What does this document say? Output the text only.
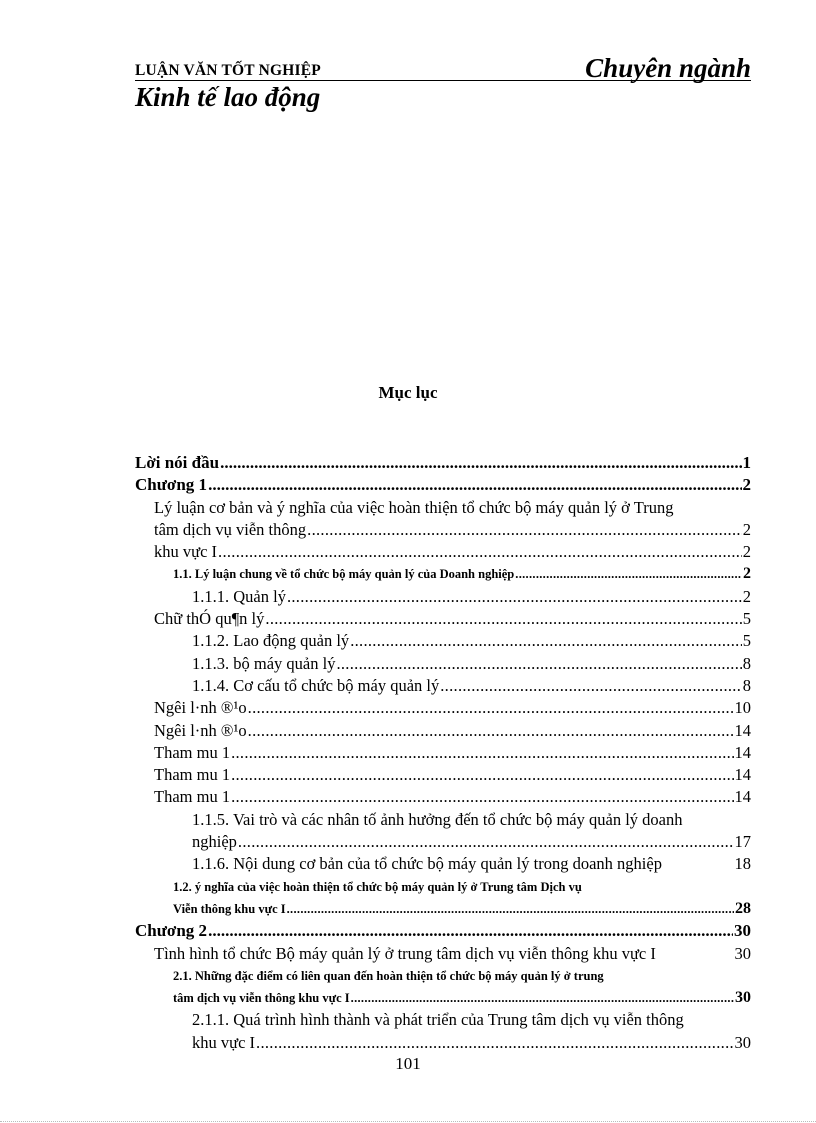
LUẬN VĂN TỐT NGHIỆP	Chuyên ngành
Kinh tế lao động
Mục lục
Lời nói đầu .....	1
Chương 1 .....	2
Lý luận cơ bản và ý nghĩa của việc hoàn thiện tổ chức bộ máy quản lý ở Trung
tâm dịch vụ viễn thông .....	2
khu vực I .....	2
1.1. Lý luận chung về tổ chức bộ máy quản lý của Doanh nghiệp .....	2
1.1.1. Quản lý .....	2
Chữ thÓ qu¶n lý .....	5
1.1.2. Lao động quản lý .....	5
1.1.3. bộ máy quản lý .....	8
1.1.4. Cơ cấu tổ chức bộ máy quản lý .....	8
Ngêi l·nh ®¹o .....	10
Ngêi l·nh ®¹o .....	14
Tham mu 1 .....	14
Tham mu 1 .....	14
Tham mu 1 .....	14
1.1.5. Vai trò và các nhân tố ảnh hưởng đến tổ chức bộ máy quản lý doanh
nghiệp .....	17
1.1.6. Nội dung cơ bản của tổ chức bộ máy quản lý trong doanh nghiệp	18
1.2. ý nghĩa của việc hoàn thiện tổ chức bộ máy quản lý ở Trung tâm Dịch vụ
Viễn thông khu vực I .....	28
Chương 2 .....	30
Tình hình tổ chức Bộ máy quản lý ở trung tâm dịch vụ viễn thông khu vực I	30
2.1. Những đặc điểm có liên quan đến hoàn thiện tổ chức bộ máy quản lý ở trung
tâm dịch vụ viễn thông khu vực I .....	30
2.1.1. Quá trình hình thành và phát triển của Trung tâm dịch vụ viễn thông
khu vực I .....	30
101
